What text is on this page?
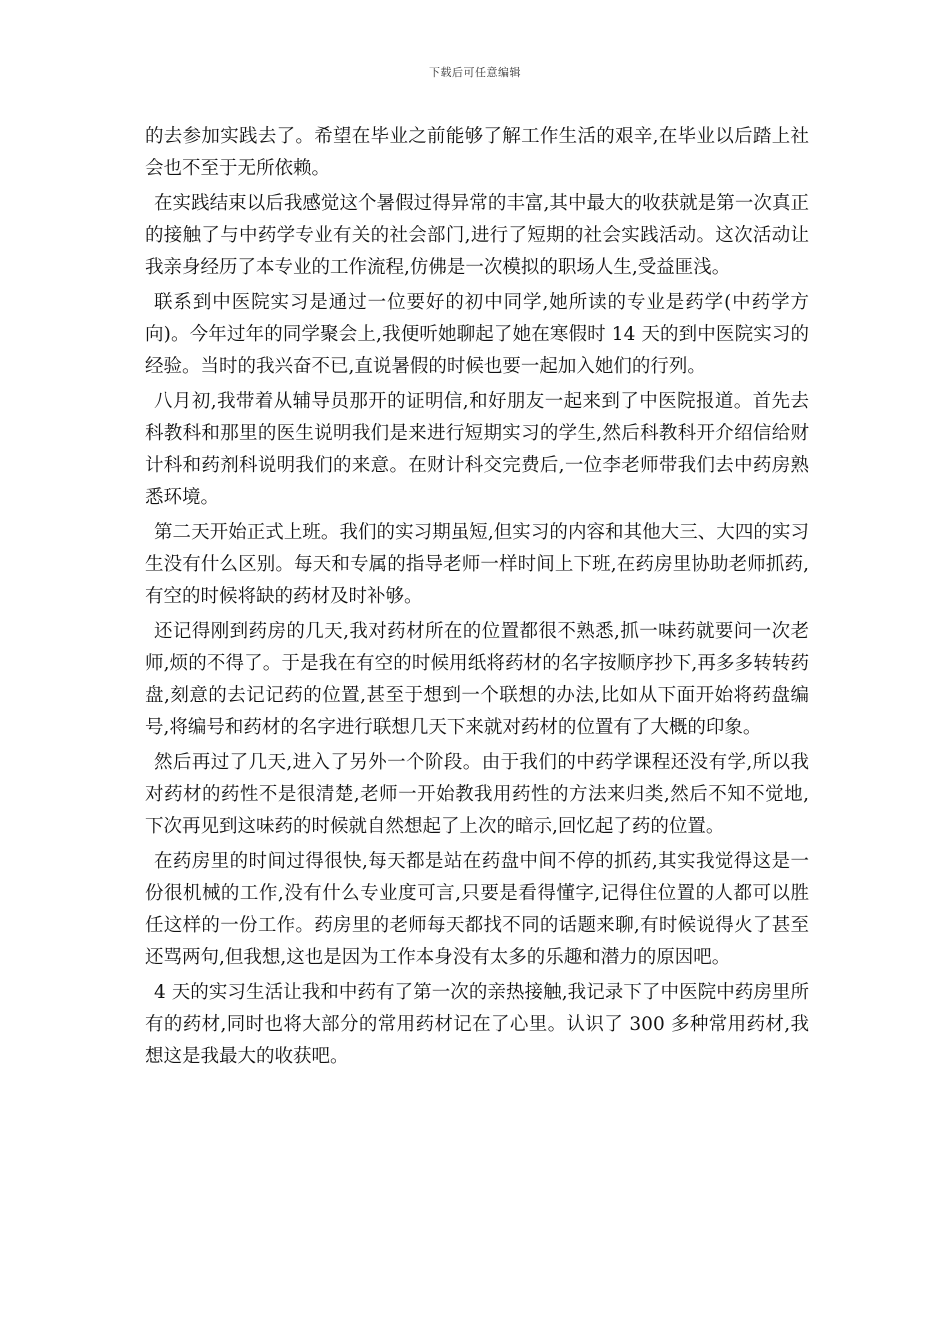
下载后可任意编辑

的去参加实践去了。希望在毕业之前能够了解工作生活的艰辛,在毕业以后踏上社会也不至于无所依赖。

在实践结束以后我感觉这个暑假过得异常的丰富,其中最大的收获就是第一次真正的接触了与中药学专业有关的社会部门,进行了短期的社会实践活动。这次活动让我亲身经历了本专业的工作流程,仿佛是一次模拟的职场人生,受益匪浅。

联系到中医院实习是通过一位要好的初中同学,她所读的专业是药学(中药学方向)。今年过年的同学聚会上,我便听她聊起了她在寒假时 14 天的到中医院实习的经验。当时的我兴奋不已,直说暑假的时候也要一起加入她们的行列。

八月初,我带着从辅导员那开的证明信,和好朋友一起来到了中医院报道。首先去科教科和那里的医生说明我们是来进行短期实习的学生,然后科教科开介绍信给财计科和药剂科说明我们的来意。在财计科交完费后,一位李老师带我们去中药房熟悉环境。

第二天开始正式上班。我们的实习期虽短,但实习的内容和其他大三、大四的实习生没有什么区别。每天和专属的指导老师一样时间上下班,在药房里协助老师抓药,有空的时候将缺的药材及时补够。

还记得刚到药房的几天,我对药材所在的位置都很不熟悉,抓一味药就要问一次老师,烦的不得了。于是我在有空的时候用纸将药材的名字按顺序抄下,再多多转转药盘,刻意的去记记药的位置,甚至于想到一个联想的办法,比如从下面开始将药盘编号,将编号和药材的名字进行联想几天下来就对药材的位置有了大概的印象。

然后再过了几天,进入了另外一个阶段。由于我们的中药学课程还没有学,所以我对药材的药性不是很清楚,老师一开始教我用药性的方法来归类,然后不知不觉地,下次再见到这味药的时候就自然想起了上次的暗示,回忆起了药的位置。

在药房里的时间过得很快,每天都是站在药盘中间不停的抓药,其实我觉得这是一份很机械的工作,没有什么专业度可言,只要是看得懂字,记得住位置的人都可以胜任这样的一份工作。药房里的老师每天都找不同的话题来聊,有时候说得火了甚至还骂两句,但我想,这也是因为工作本身没有太多的乐趣和潜力的原因吧。

4 天的实习生活让我和中药有了第一次的亲热接触,我记录下了中医院中药房里所有的药材,同时也将大部分的常用药材记在了心里。认识了 300 多种常用药材,我想这是我最大的收获吧。
